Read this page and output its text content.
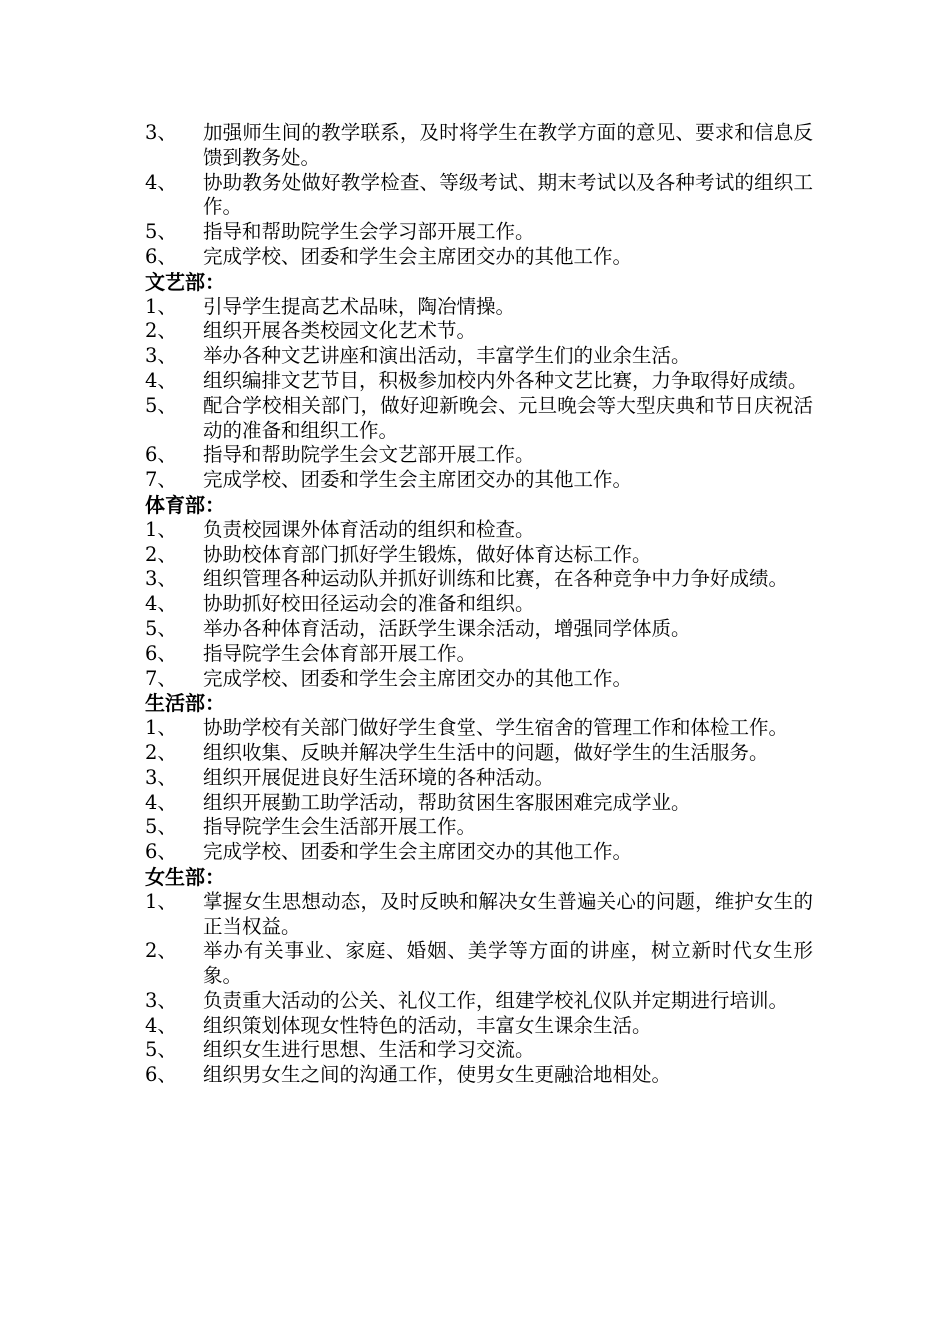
3、	加强师生间的教学联系，及时将学生在教学方面的意见、要求和信息反馈到教务处。
4、	协助教务处做好教学检查、等级考试、期末考试以及各种考试的组织工作。
5、	指导和帮助院学生会学习部开展工作。
6、	完成学校、团委和学生会主席团交办的其他工作。
文艺部：
1、	引导学生提高艺术品味，陶冶情操。
2、	组织开展各类校园文化艺术节。
3、	举办各种文艺讲座和演出活动，丰富学生们的业余生活。
4、	组织编排文艺节目，积极参加校内外各种文艺比赛，力争取得好成绩。
5、	配合学校相关部门，做好迎新晚会、元旦晚会等大型庆典和节日庆祝活动的准备和组织工作。
6、	指导和帮助院学生会文艺部开展工作。
7、	完成学校、团委和学生会主席团交办的其他工作。
体育部：
1、	负责校园课外体育活动的组织和检查。
2、	协助校体育部门抓好学生锻炼，做好体育达标工作。
3、	组织管理各种运动队并抓好训练和比赛，在各种竞争中力争好成绩。
4、	协助抓好校田径运动会的准备和组织。
5、	举办各种体育活动，活跃学生课余活动，增强同学体质。
6、	指导院学生会体育部开展工作。
7、	完成学校、团委和学生会主席团交办的其他工作。
生活部：
1、	协助学校有关部门做好学生食堂、学生宿舍的管理工作和体检工作。
2、	组织收集、反映并解决学生生活中的问题，做好学生的生活服务。
3、	组织开展促进良好生活环境的各种活动。
4、	组织开展勤工助学活动，帮助贫困生客服困难完成学业。
5、	指导院学生会生活部开展工作。
6、	完成学校、团委和学生会主席团交办的其他工作。
女生部：
1、	掌握女生思想动态，及时反映和解决女生普遍关心的问题，维护女生的正当权益。
2、	举办有关事业、家庭、婚姻、美学等方面的讲座，树立新时代女生形象。
3、	负责重大活动的公关、礼仪工作，组建学校礼仪队并定期进行培训。
4、	组织策划体现女性特色的活动，丰富女生课余生活。
5、	组织女生进行思想、生活和学习交流。
6、	组织男女生之间的沟通工作，使男女生更融洽地相处。
